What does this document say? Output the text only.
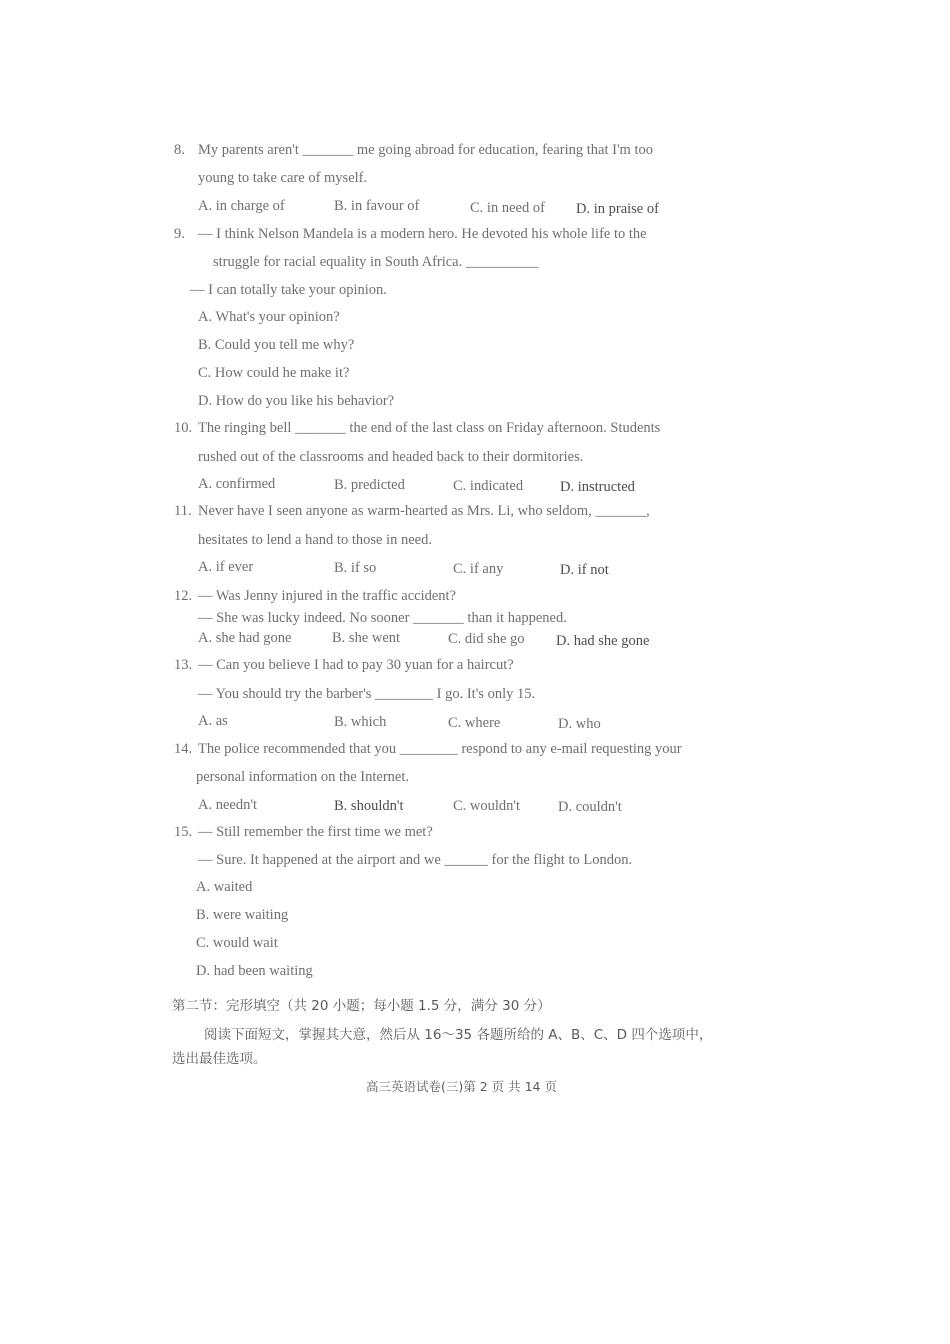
8. My parents aren't _______ me going abroad for education, fearing that I'm too
young to take care of myself.
A. in charge of	B. in favour of	C. in need of D. in praise of
9. — I think Nelson Mandela is a modern hero. He devoted his whole life to the
struggle for racial equality in South Africa. __________
— I can totally take your opinion.
A. What's your opinion?
B. Could you tell me why?
C. How could he make it?
D. How do you like his behavior?
10. The ringing bell _______ the end of the last class on Friday afternoon. Students
rushed out of the classrooms and headed back to their dormitories.
A. confirmed	B. predicted	C. indicated	D. instructed
11. Never have I seen anyone as warm-hearted as Mrs. Li, who seldom, _______,
hesitates to lend a hand to those in need.
A. if ever	B. if so	C. if any	D. if not
12. — Was Jenny injured in the traffic accident?
— She was lucky indeed. No sooner _______ than it happened.
A. she had gone	B. she went	C. did she go D. had she gone
13. — Can you believe I had to pay 30 yuan for a haircut?
— You should try the barber's ________ I go. It's only 15.
A. as	B. which	C. where	D. who
14. The police recommended that you ________ respond to any e-mail requesting your
personal information on the Internet.
A. needn't	B. shouldn't	C. wouldn't	D. couldn't
15. — Still remember the first time we met?
— Sure. It happened at the airport and we ______ for the flight to London.
A. waited
B. were waiting
C. would wait
D. had been waiting
第二节：完形填空（共 20 小题；每小题 1.5 分，满分 30 分）
阅读下面短文，掌握其大意，然后从 16～35 各题所给的 A、B、C、D 四个选项中，
选出最佳选项。
高三英语试卷(三)第 2 页 共 14 页
